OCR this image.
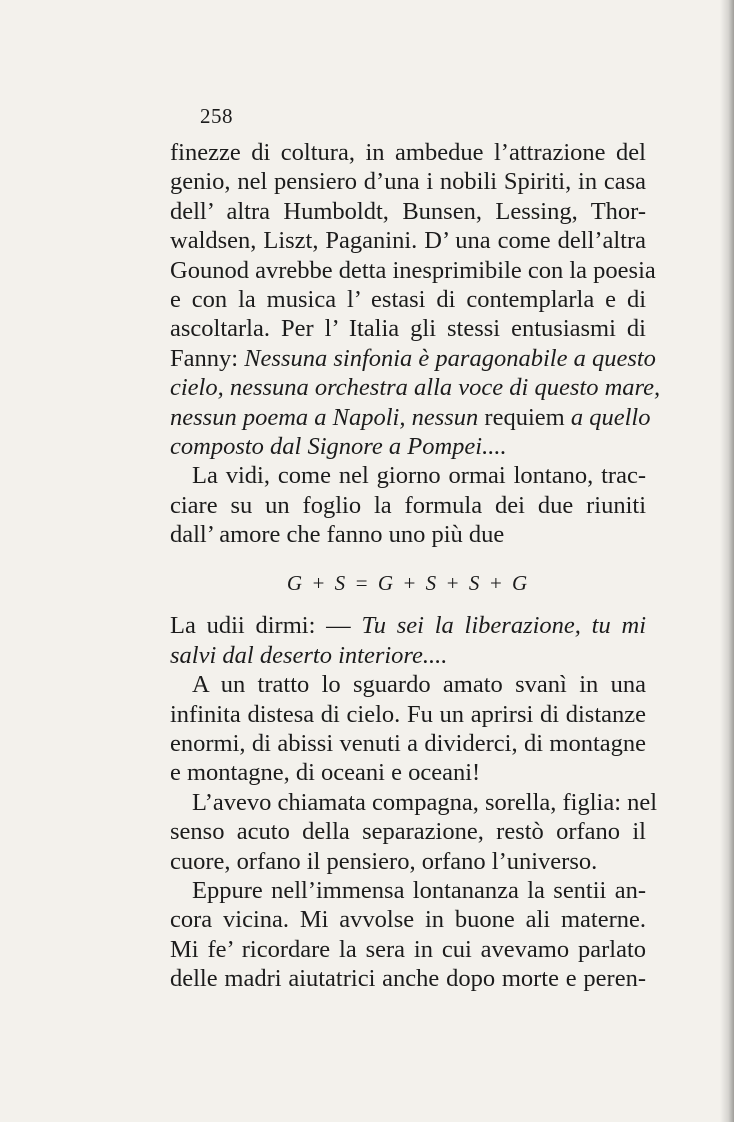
258
finezze di coltura, in ambedue l’attrazione del
genio, nel pensiero d’una i nobili Spiriti, in casa
dell’ altra Humboldt, Bunsen, Lessing, Thor-
waldsen, Liszt, Paganini. D’ una come dell’altra
Gounod avrebbe detta inesprimibile con la poesia
e con la musica l’ estasi di contemplarla e di
ascoltarla. Per l’ Italia gli stessi entusiasmi di
Fanny: Nessuna sinfonia è paragonabile a questo
cielo, nessuna orchestra alla voce di questo mare,
nessun poema a Napoli, nessun requiem a quello
composto dal Signore a Pompei....
La vidi, come nel giorno ormai lontano, trac-
ciare su un foglio la formula dei due riuniti
dall’ amore che fanno uno più due
G + S = G + S + S + G
La udii dirmi: — Tu sei la liberazione, tu mi
salvi dal deserto interiore....
A un tratto lo sguardo amato svanì in una
infinita distesa di cielo. Fu un aprirsi di distanze
enormi, di abissi venuti a dividerci, di montagne
e montagne, di oceani e oceani!
L’avevo chiamata compagna, sorella, figlia: nel
senso acuto della separazione, restò orfano il
cuore, orfano il pensiero, orfano l’universo.
Eppure nell’immensa lontananza la sentii an-
cora vicina. Mi avvolse in buone ali materne.
Mi fe’ ricordare la sera in cui avevamo parlato
delle madri aiutatrici anche dopo morte e peren-
